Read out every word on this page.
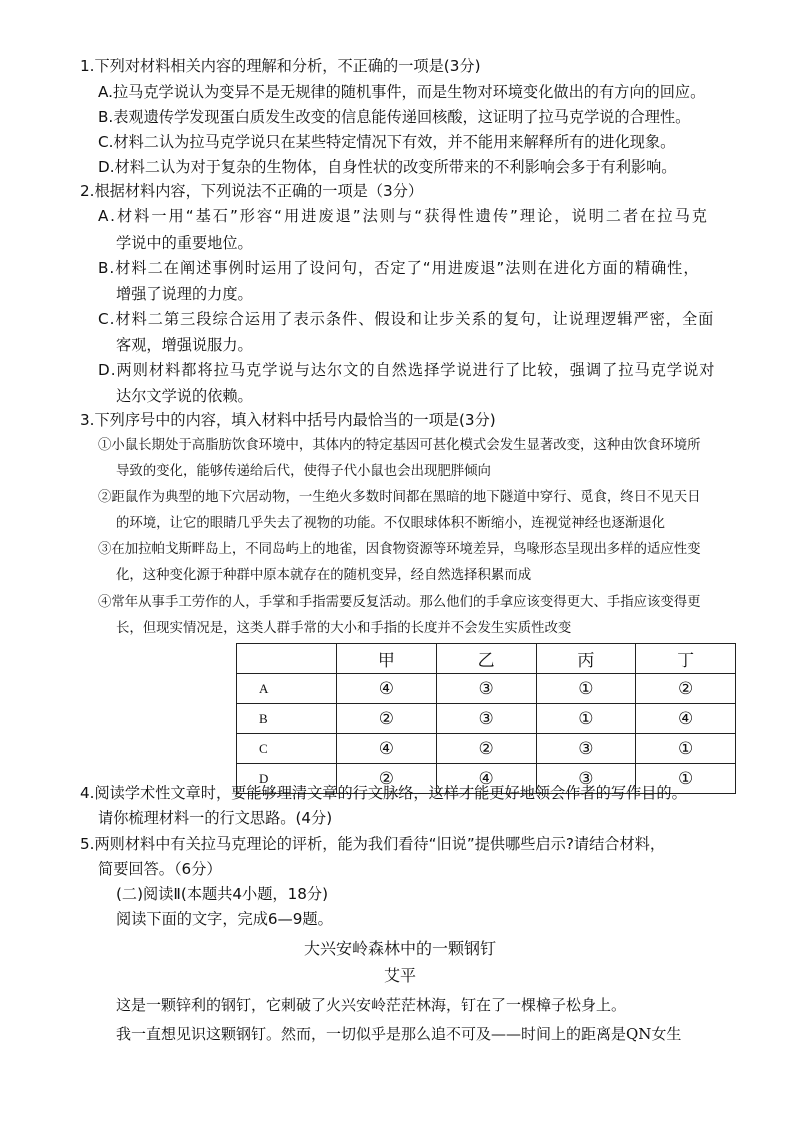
1.下列对材料相关内容的理解和分析，不正确的一项是(3分)
A.拉马克学说认为变异不是无规律的随机事件，而是生物对环境变化做出的有方向的回应。
B.表观遗传学发现蛋白质发生改变的信息能传递回核酸，这证明了拉马克学说的合理性。
C.材料二认为拉马克学说只在某些特定情况下有效，并不能用来解释所有的进化现象。
D.材料二认为对于复杂的生物体，自身性状的改变所带来的不利影响会多于有利影响。
2.根据材料内容，下列说法不正确的一项是（3分）
A.材料一用“基石”形容“用进废退”法则与“获得性遗传”理论，说明二者在拉马克
学说中的重要地位。
B.材料二在阐述事例时运用了设问句，否定了“用进废退”法则在进化方面的精确性，
增强了说理的力度。
C.材料二第三段综合运用了表示条件、假设和让步关系的复句，让说理逻辑严密，全面
客观，增强说服力。
D.两则材料都将拉马克学说与达尔文的自然选择学说进行了比较，强调了拉马克学说对
达尔文学说的依赖。
3.下列序号中的内容，填入材料中括号内最恰当的一项是(3分)
①小鼠长期处于高脂肪饮食环境中，其体内的特定基因可甚化模式会发生显著改变，这种由饮食环境所
导致的变化，能够传递给后代，使得子代小鼠也会出现肥胖倾向
②距鼠作为典型的地下穴居动物，一生绝火多数时间都在黑暗的地下隧道中穿行、觅食，终日不见天日
的环境，让它的眼睛几乎失去了视物的功能。不仅眼球体积不断缩小，连视觉神经也逐渐退化
③在加拉帕戈斯畔岛上，不同岛屿上的地雀，因食物资源等环境差异，鸟喙形态呈现出多样的适应性变
化，这种变化源于种群中原本就存在的随机变异，经自然选择积累而成
④常年从事手工劳作的人，手掌和手指需要反复活动。那么他们的手拿应该变得更大、手指应该变得更
长，但现实情况是，这类人群手常的大小和手指的长度并不会发生实质性改变
	甲	乙	丙	丁
A	④	③	①	②
B	②	③	①	④
C	④	②	③	①
D	②	④	③	①
4.阅读学术性文章时，要能够理清文章的行文脉络，这样才能更好地领会作者的写作目的。
请你梳理材料一的行文思路。(4分)
5.两则材料中有关拉马克理论的评析，能为我们看待“旧说”提供哪些启示?请结合材料，
简要回答。（6分）
(二)阅读Ⅱ(本题共4小题，18分)
阅读下面的文字，完成6—9题。
大兴安岭森林中的一颗钢钉
艾平
这是一颗锌利的钢钉，它刺破了火兴安岭茫茫林海，钉在了一棵樟子松身上。
我一直想见识这颗钢钉。然而，一切似乎是那么追不可及——时间上的距离是QN女生
